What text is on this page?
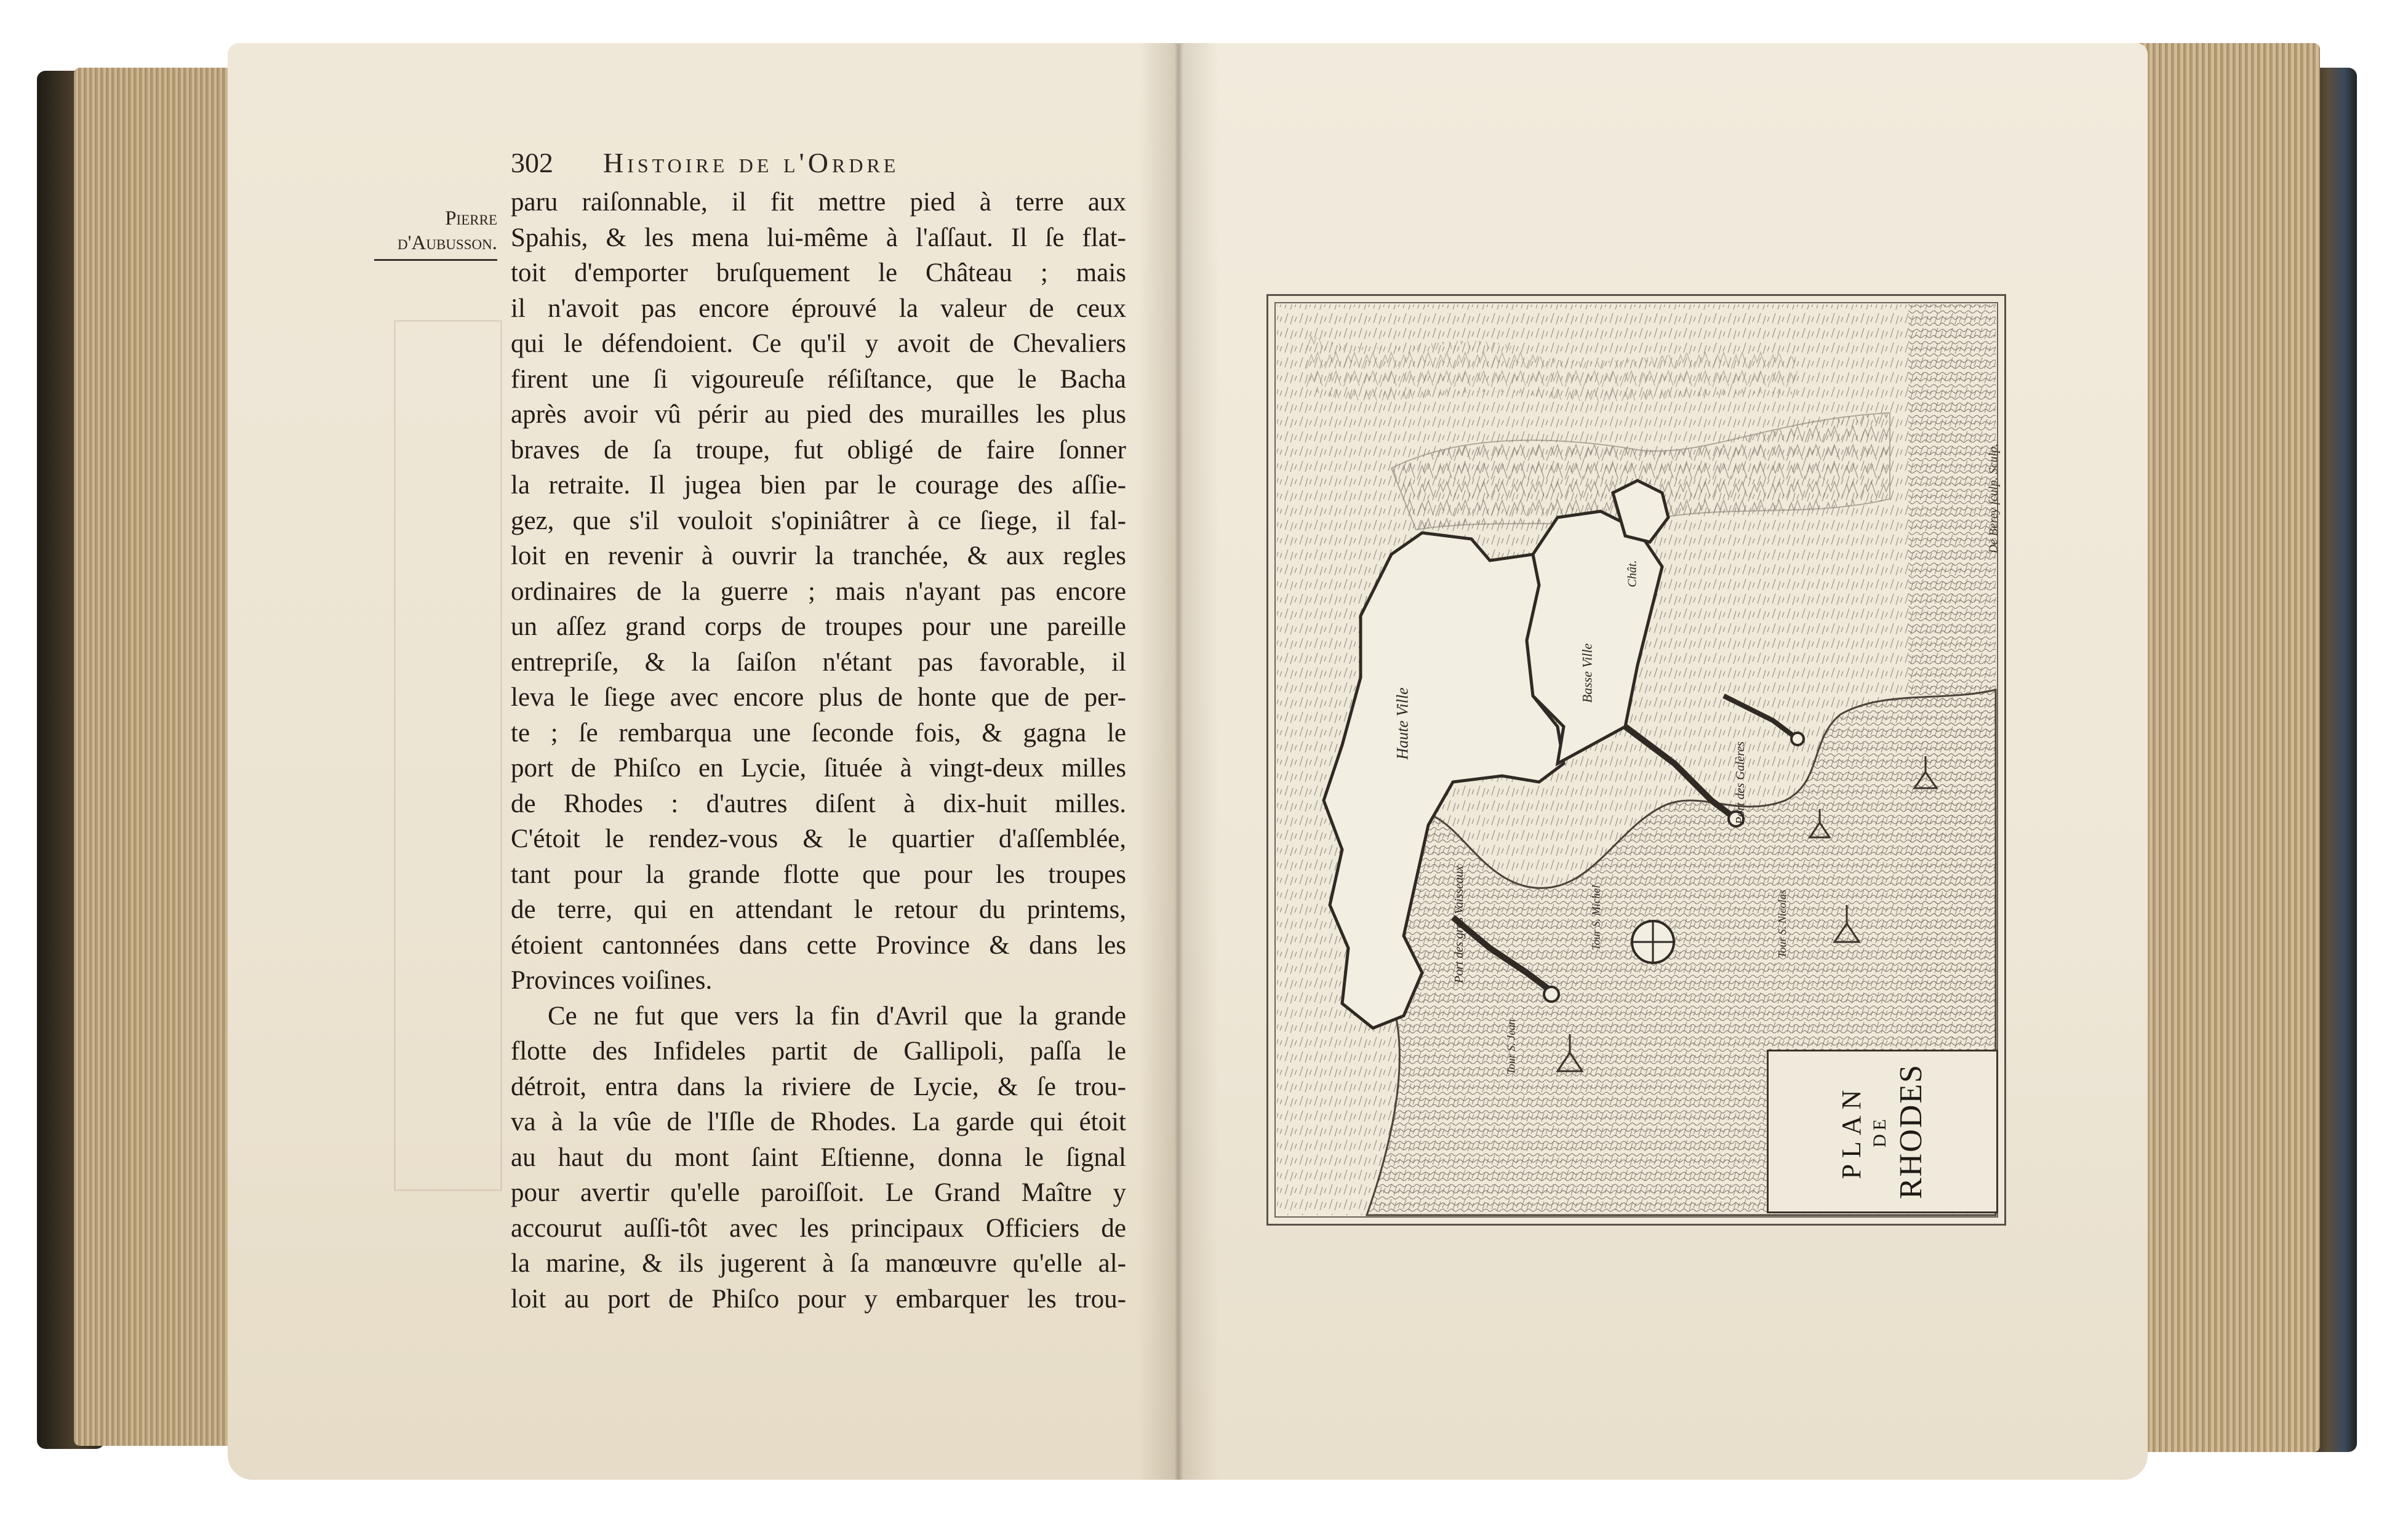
302 Histoire de l'Ordre
Pierre
d'Aubusson.
paru raiſonnable, il fit mettre pied à terre aux
Spahis, & les mena lui-même à l'aſſaut. Il ſe flat-
toit d'emporter bruſquement le Château ; mais
il n'avoit pas encore éprouvé la valeur de ceux
qui le défendoient. Ce qu'il y avoit de Chevaliers
firent une ſi vigoureuſe réſiſtance, que le Bacha
après avoir vû périr au pied des murailles les plus
braves de ſa troupe, fut obligé de faire ſonner
la retraite. Il jugea bien par le courage des aſſie-
gez, que s'il vouloit s'opiniâtrer à ce ſiege, il fal-
loit en revenir à ouvrir la tranchée, & aux regles
ordinaires de la guerre ; mais n'ayant pas encore
un aſſez grand corps de troupes pour une pareille
entrepriſe, & la ſaiſon n'étant pas favorable, il
leva le ſiege avec encore plus de honte que de per-
te ; ſe rembarqua une ſeconde fois, & gagna le
port de Phiſco en Lycie, ſituée à vingt-deux milles
de Rhodes : d'autres diſent à dix-huit milles.
C'étoit le rendez-vous & le quartier d'aſſemblée,
tant pour la grande flotte que pour les troupes
de terre, qui en attendant le retour du printems,
étoient cantonnées dans cette Province & dans les
Provinces voiſines.
Ce ne fut que vers la fin d'Avril que la grande
flotte des Infideles partit de Gallipoli, paſſa le
détroit, entra dans la riviere de Lycie, & ſe trou-
va à la vûe de l'Iſle de Rhodes. La garde qui étoit
au haut du mont ſaint Eſtienne, donna le ſignal
pour avertir qu'elle paroiſſoit. Le Grand Maître y
accourut auſſi-tôt avec les principaux Officiers de
la marine, & ils jugerent à ſa manœuvre qu'elle al-
loit au port de Phiſco pour y embarquer les trou-
Haute Ville
Basse Ville
Chât.
Port des Galères
Port des gros Vaisseaux	Tour S. Michel
Tour S. Jean
Tour S. Nicolas
De Berey ſculp. Sculp.
PLAN DE RHODES
